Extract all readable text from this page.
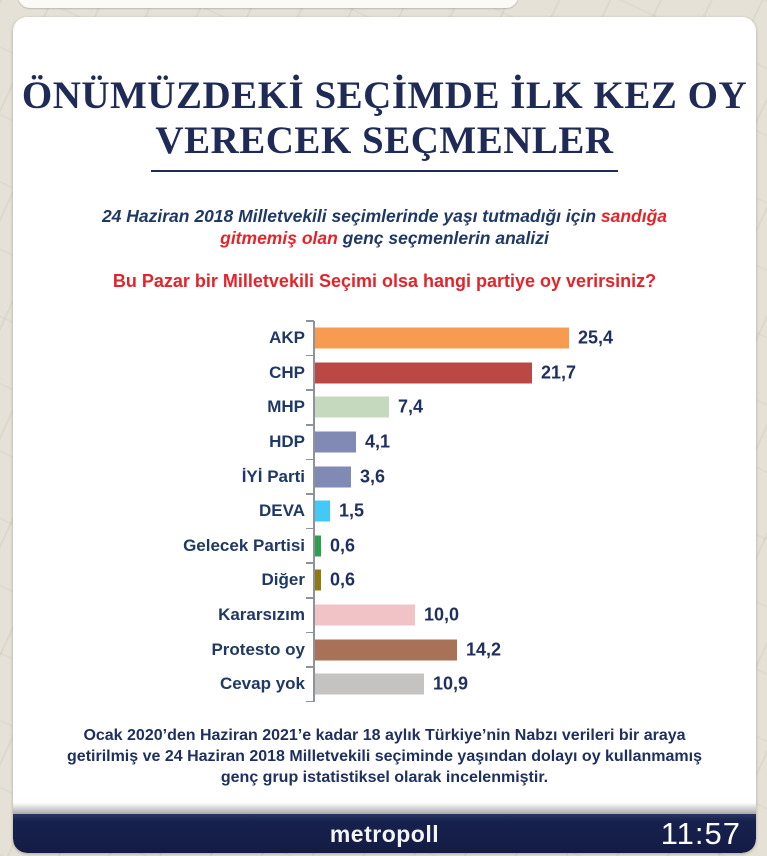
ÖNÜMÜZDEKİ SEÇİMDE İLK KEZ OY
VERECEK SEÇMENLER
24 Haziran 2018 Milletvekili seçimlerinde yaşı tutmadığı için sandığa
gitmemiş olan genç seçmenlerin analizi
Bu Pazar bir Milletvekili Seçimi olsa hangi partiye oy verirsiniz?
AKP	25,4
CHP	21,7
MHP	7,4
HDP	4,1
İYİ Parti	3,6
DEVA 1,5
Gelecek Partisi 0,6
Diğer 0,6
Kararsızım	10,0
Protesto oy	14,2
Cevap yok	10,9
Ocak 2020’den Haziran 2021’e kadar 18 aylık Türkiye’nin Nabzı verileri bir araya getirilmiş ve 24 Haziran 2018 Milletvekili seçiminde yaşından dolayı oy kullanmamış genç grup istatistiksel olarak incelenmiştir.
metropoll	11:57
